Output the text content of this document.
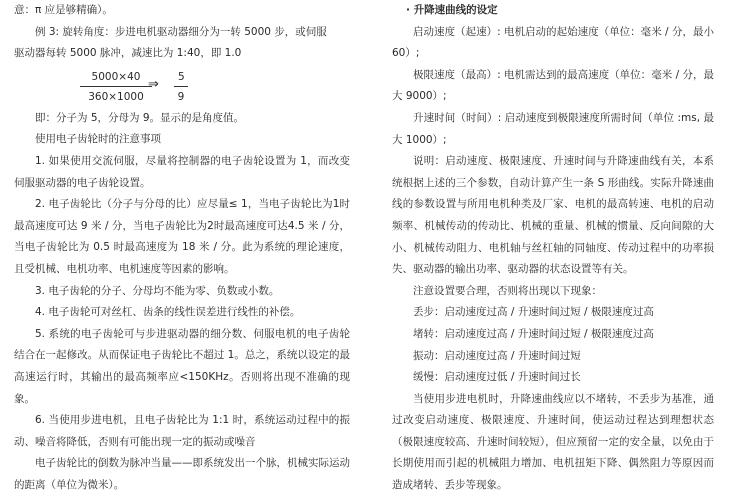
意：π 应是够精确）。

例 3: 旋转角度：步进电机驱动器细分为一转 5000 步，或伺服

驱动器每转 5000 脉冲，减速比为 1:40，即 1.0

$\frac{5000\times 40}{360\times 1000}$
⇒ $\frac{5}{9}$

即：分子为 5，分母为 9。显示的是角度值。

使用电子齿轮时的注意事项

1. 如果使用交流伺服，尽量将控制器的电子齿轮设置为 1，而改变伺服驱动器的电子齿轮设置。

2. 电子齿轮比（分子与分母的比）应尽量≤ 1，当电子齿轮比为1时最高速度可达 9 米 / 分，当电子齿轮比为2时最高速度可达4.5 米 / 分，当电子齿轮比为 0.5 时最高速度为 18 米 / 分。此为系统的理论速度，且受机械、电机功率、电机速度等因素的影响。

3. 电子齿轮的分子、分母均不能为零、负数或小数。

4. 电子齿轮可对丝杠、齿条的线性误差进行线性的补偿。

5. 系统的电子齿轮可与步进驱动器的细分数、伺服电机的电子齿轮结合在一起修改。从而保证电子齿轮比不超过 1。总之，系统以设定的最高速运行时，其输出的最高频率应<150KHz。否则将出现不准确的现象。

6. 当使用步进电机，且电子齿轮比为 1:1 时，系统运动过程中的振动、噪音将降低，否则有可能出现一定的振动或噪音

电子齿轮比的倒数为脉冲当量——即系统发出一个脉，机械实际运动的距离（单位为微米）。

· 升降速曲线的设定

启动速度（起速）: 电机启动的起始速度（单位：毫米 / 分，最小60）;

极限速度（最高）: 电机需达到的最高速度（单位：毫米 / 分，最大 9000）;

升速时间（时间）: 启动速度到极限速度所需时间（单位 :ms, 最大 1000）;

说明：启动速度、极限速度、升速时间与升降速曲线有关，本系统根据上述的三个参数，自动计算产生一条 S 形曲线。实际升降速曲线的参数设置与所用电机种类及厂家、电机的最高转速、电机的启动频率、机械传动的传动比、机械的重量、机械的惯量、反向间隙的大小、机械传动阻力、电机轴与丝杠轴的同轴度、传动过程中的功率损失、驱动器的输出功率、驱动器的状态设置等有关。

注意设置要合理，否则将出现以下现象：

丢步：启动速度过高 / 升速时间过短 / 极限速度过高

堵转：启动速度过高 / 升速时间过短 / 极限速度过高

振动：启动速度过高 / 升速时间过短

缓慢：启动速度过低 / 升速时间过长

当使用步进电机时，升降速曲线应以不堵转，不丢步为基准，通过改变启动速度、极限速度、升速时间，使运动过程达到理想状态（极限速度较高、升速时间较短），但应预留一定的安全量，以免由于长期使用而引起的机械阻力增加、电机扭矩下降、偶然阻力等原因而造成堵转、丢步等现象。
